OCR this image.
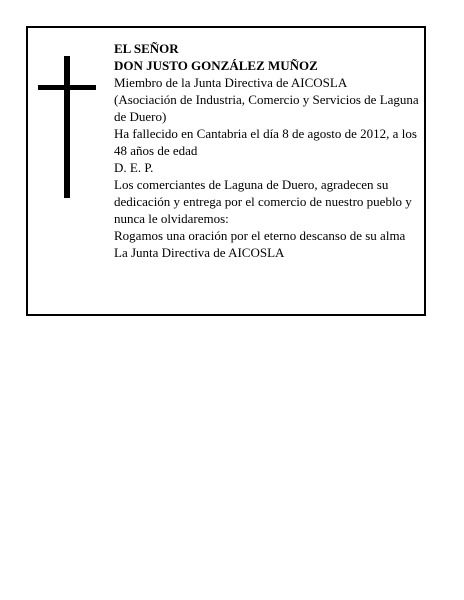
EL SEÑOR

DON JUSTO GONZÁLEZ MUÑOZ

Miembro de la Junta Directiva de AICOSLA

(Asociación de Industria, Comercio y Servicios de Laguna de Duero)

Ha fallecido en Cantabria el día 8 de agosto de 2012, a los 48 años de edad

D. E. P.

Los comerciantes de Laguna de Duero, agradecen su dedicación y entrega por el comercio de nuestro pueblo y nunca le olvidaremos:

Rogamos una oración por el eterno descanso de su alma

La Junta Directiva de AICOSLA
